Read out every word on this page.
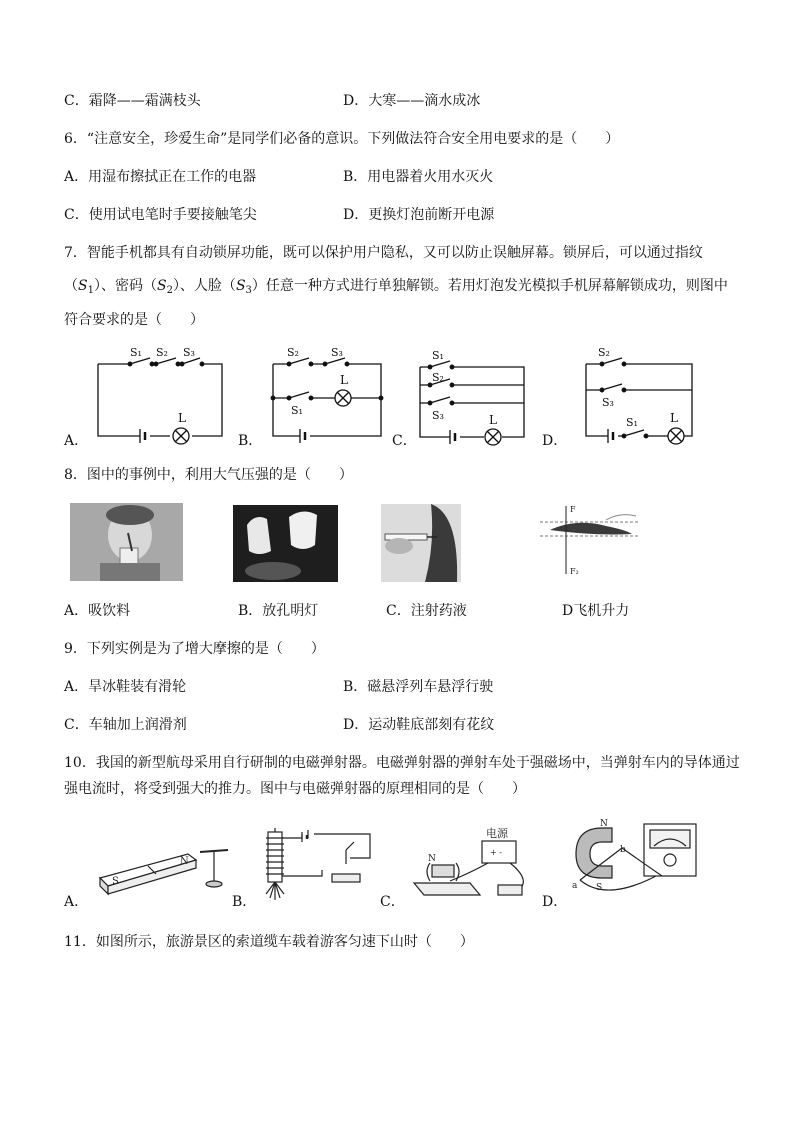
C．霜降——霜满枝头	D．大寒——滴水成冰
6．“注意安全，珍爱生命”是同学们必备的意识。下列做法符合安全用电要求的是（　　）
A．用湿布擦拭正在工作的电器	B．用电器着火用水灭火
C．使用试电笔时手要接触笔尖	D．更换灯泡前断开电源
7．智能手机都具有自动锁屏功能，既可以保护用户隐私，又可以防止误触屏幕。锁屏后，可以通过指纹
$(S_1)$、密码$(S_2)$、人脸$(S_3)$任意一种方式进行单独解锁。若用灯泡发光模拟手机屏幕解锁成功，则图中
符合要求的是（　　）
A．	B．	C．	D．
S₁ S₂ S₃
L
S₂	S₃
S₁
L
S₁
S₂
S₃	L
S₂
S₃
S₁	L
8．图中的事例中，利用大气压强的是（　　）
F
F₂
A．吸饮料	B．放孔明灯	C．注射药液	D飞机升力
9．下列实例是为了增大摩擦的是（　　）
A．旱冰鞋装有滑轮	B．磁悬浮列车悬浮行驶
C．车轴加上润滑剂	D．运动鞋底部刻有花纹
10．我国的新型航母采用自行研制的电磁弹射器。电磁弹射器的弹射车处于强磁场中，当弹射车内的导体通过
强电流时，将受到强大的推力。图中与电磁弹射器的原理相同的是（　　）
A．	B．	C．	D．
S
N
电源
+ -
N
N
S
b
a
11．如图所示，旅游景区的索道缆车载着游客匀速下山时（　　）
